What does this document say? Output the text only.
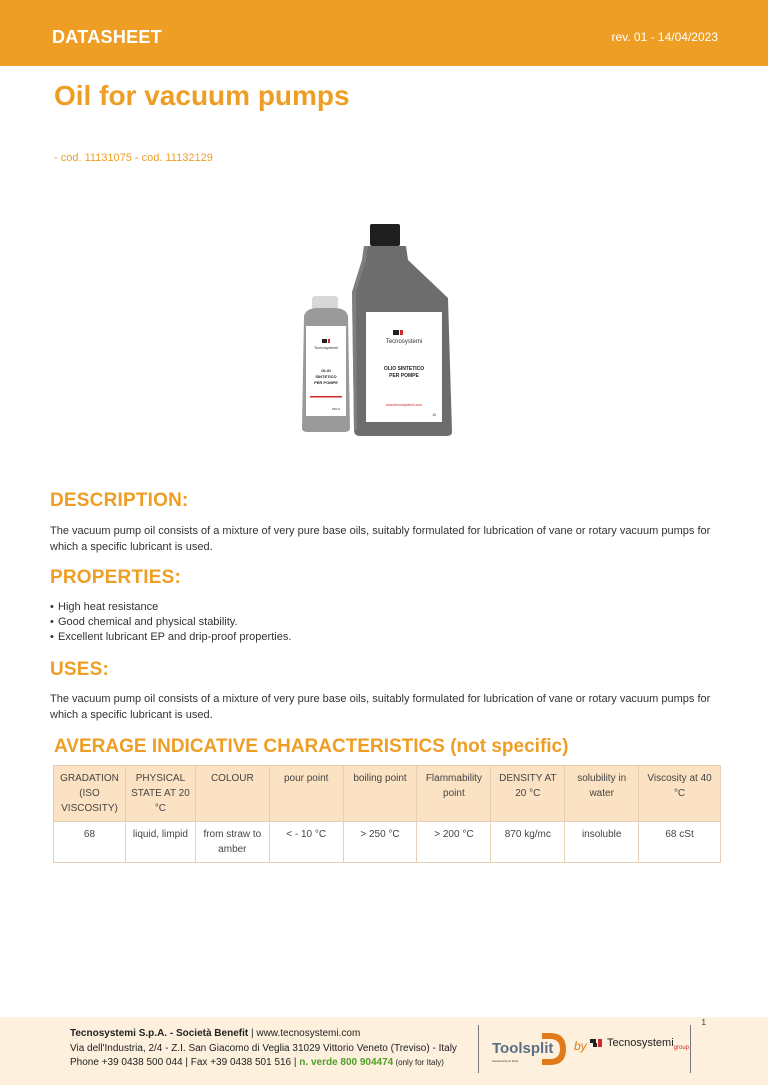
DATASHEET	rev. 01 - 14/04/2023
Oil for vacuum pumps
- cod. 11131075 - cod. 11132129
Tecnosystemi
OLIO SINTETICO
PER POMPE
www.tecnosystemi.com
1lt
Tecnosystemi
OLIO
SINTETICO
PER POMPE
250ml
DESCRIPTION:
The vacuum pump oil consists of a mixture of very pure base oils, suitably formulated for lubrication of vane or rotary vacuum pumps for which a specific lubricant is used.
PROPERTIES:
• High heat resistance
• Good chemical and physical stability.
• Excellent lubricant EP and drip-proof properties.
USES:
The vacuum pump oil consists of a mixture of very pure base oils, suitably formulated for lubrication of vane or rotary vacuum pumps for which a specific lubricant is used.
AVERAGE INDICATIVE CHARACTERISTICS (not specific)
GRADATION (ISO VISCOSITY)	PHYSICAL STATE AT 20 °C	COLOUR	pour point	boiling point	Flammability point	DENSITY AT 20 °C	solubility in water	Viscosity at 40 °C
68	liquid, limpid	from straw to amber	< - 10 °C	> 250 °C	> 200 °C	870 kg/mc	insoluble	68 cSt
1
Tecnosystemi S.p.A. - Società Benefit | www.tecnosystemi.com
Via dell'Industria, 2/4 - Z.I. San Giacomo di Veglia 31029 Vittorio Veneto (Treviso) - Italy
Phone +39 0438 500 044 | Fax +39 0438 501 516 | n. verde 800 904474 (only for Italy)
Toolsplit
Instruments & Tools
by	Tecnosystemi$_{group}$
